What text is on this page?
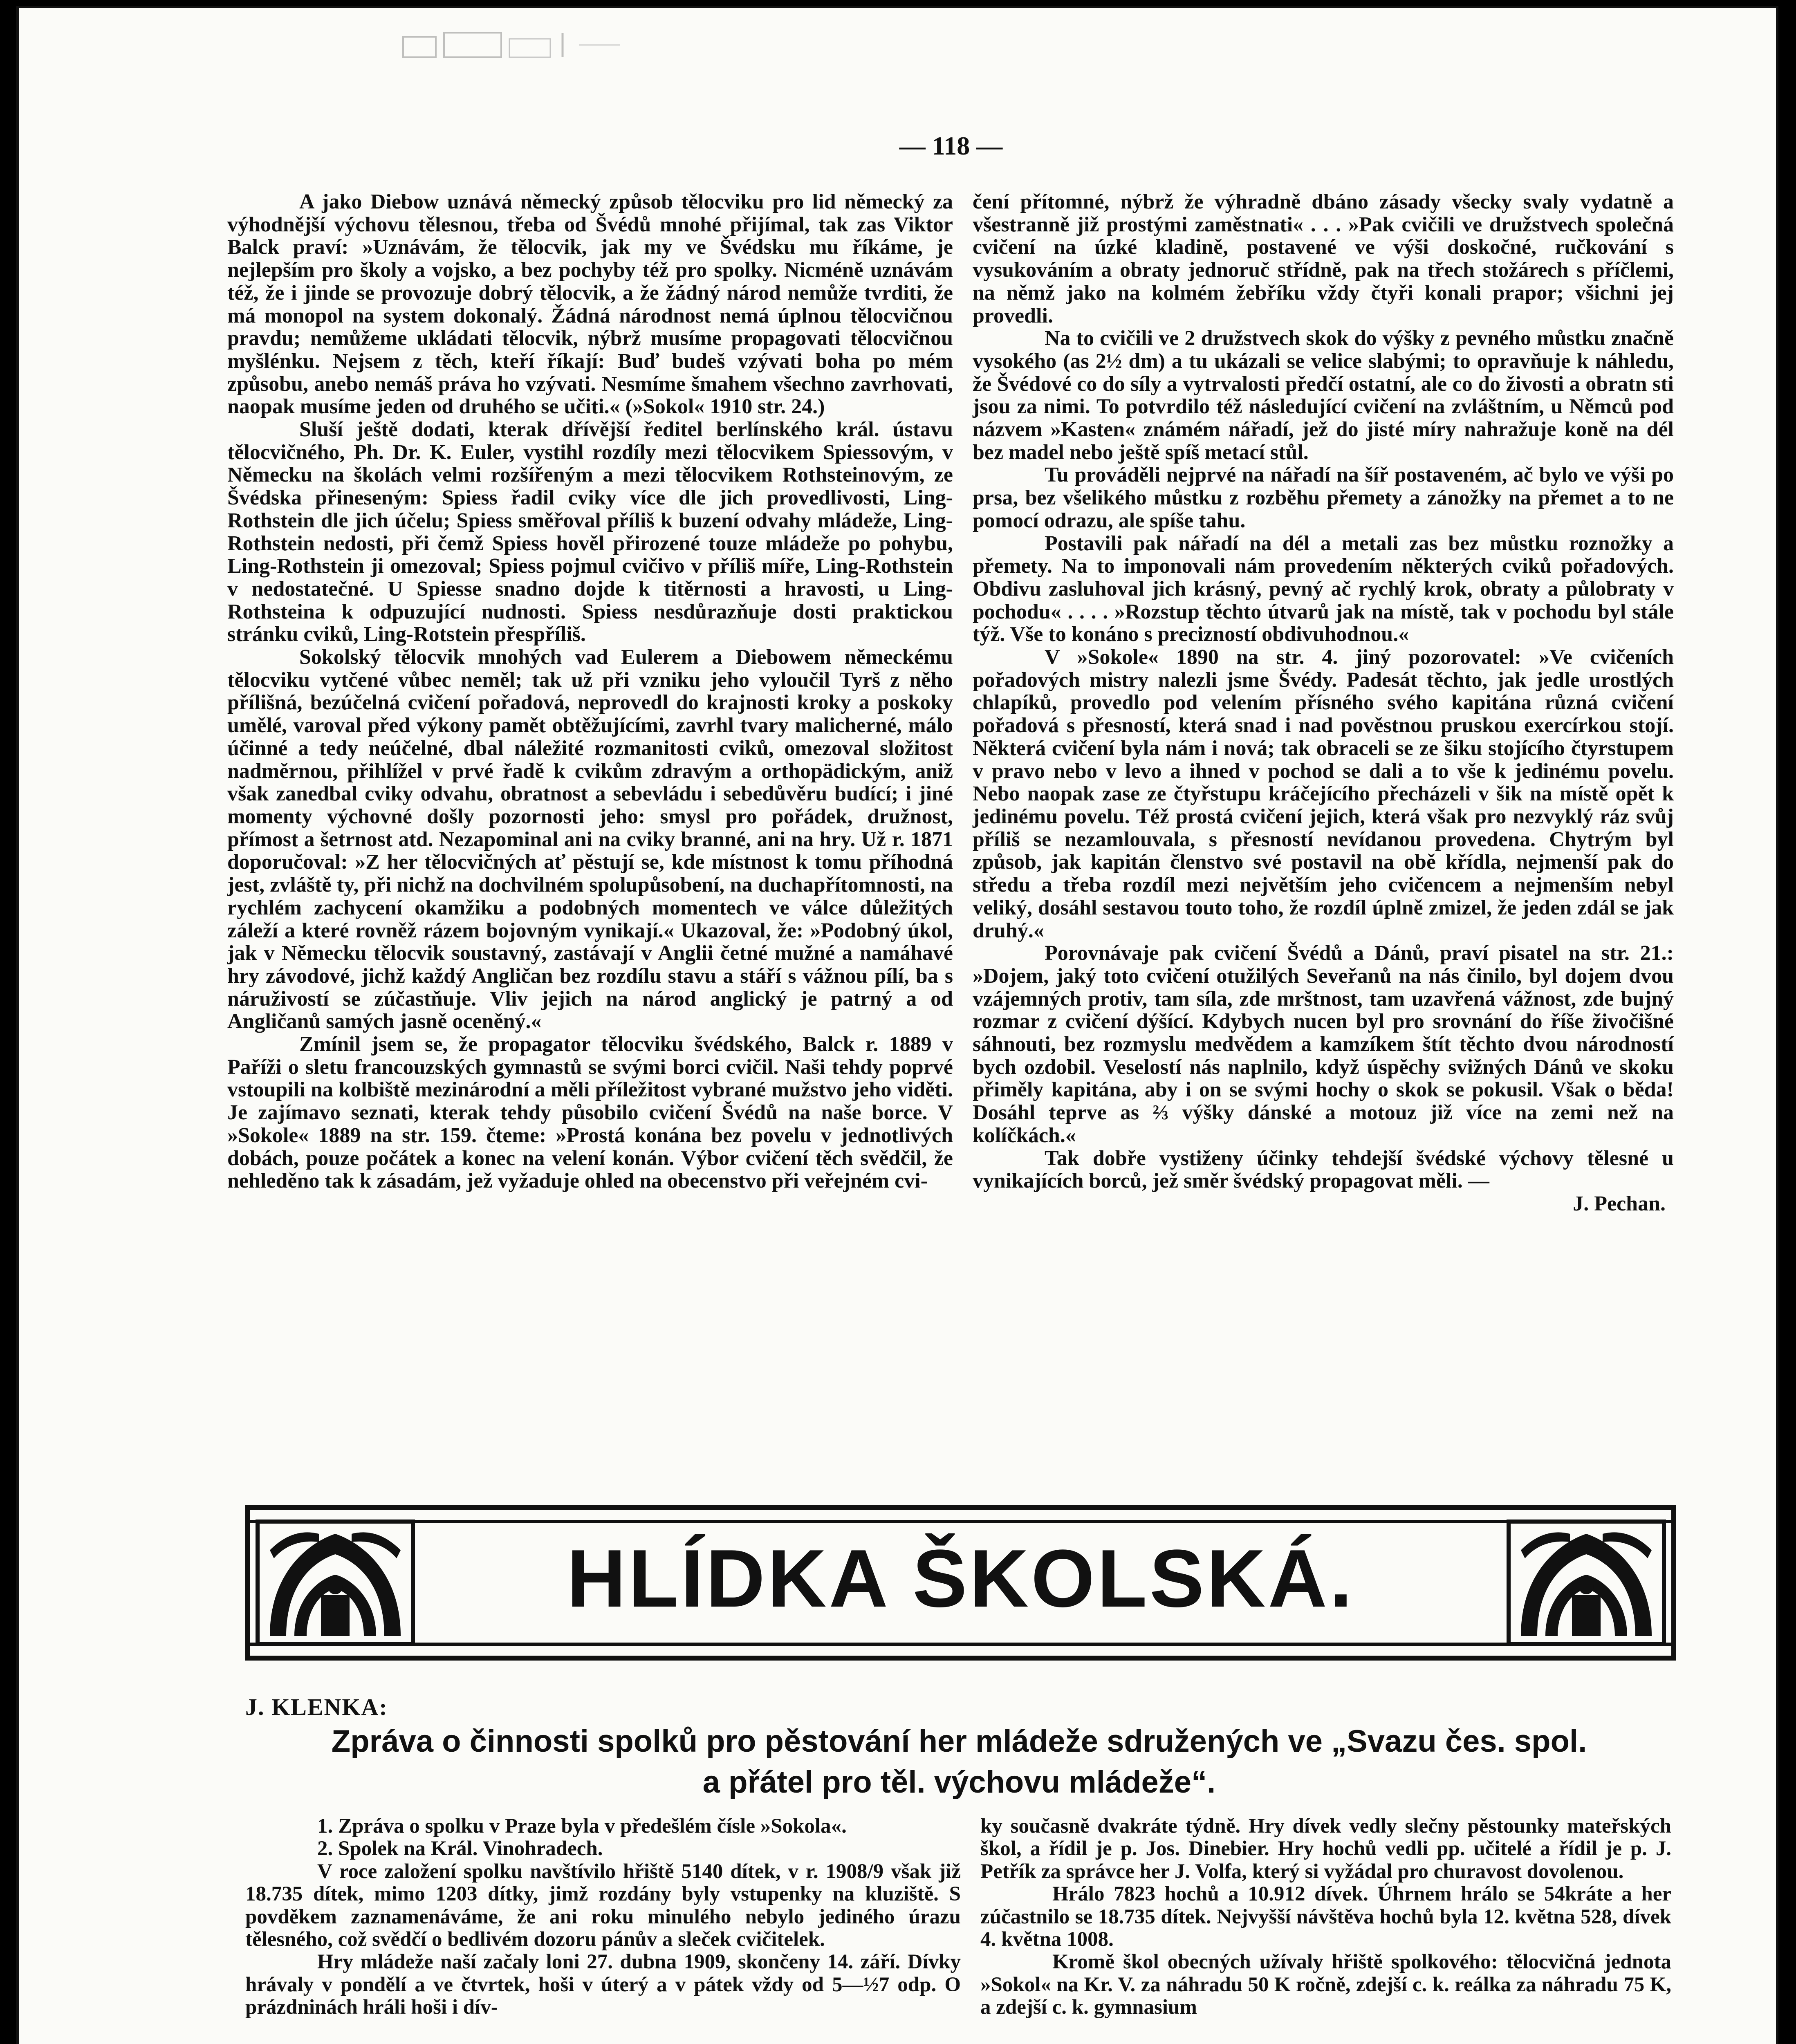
— 118 —

A jako Diebow uznává německý způsob tělocviku pro lid německý za výhodnější výchovu tělesnou, třeba od Švédů mnohé přijímal, tak zas Viktor Balck praví: »Uznávám, že tělocvik, jak my ve Švédsku mu říkáme, je nejlepším pro školy a vojsko, a bez pochyby též pro spolky. Nicméně uznávám též, že i jinde se provozuje dobrý tělocvik, a že žádný národ nemůže tvrditi, že má monopol na system dokonalý. Žádná národnost nemá úplnou tělocvičnou pravdu; nemůžeme ukládati tělocvik, nýbrž musíme propagovati tělocvičnou myšlénku. Nejsem z těch, kteří říkají: Buď budeš vzývati boha po mém způsobu, anebo nemáš práva ho vzývati. Nesmíme šmahem všechno zavrhovati, naopak musíme jeden od druhého se učiti.« (»Sokol« 1910 str. 24.)

Sluší ještě dodati, kterak dřívější ředitel berlínského král. ústavu tělocvičného, Ph. Dr. K. Euler, vystihl rozdíly mezi tělocvikem Spiessovým, v Německu na školách velmi rozšířeným a mezi tělocvikem Rothsteinovým, ze Švédska přineseným: Spiess řadil cviky více dle jich provedlivosti, Ling-Rothstein dle jich účelu; Spiess směřoval příliš k buzení odvahy mládeže, Ling-Rothstein nedosti, při čemž Spiess hověl přirozené touze mládeže po pohybu, Ling-Rothstein ji omezoval; Spiess pojmul cvičivo v příliš míře, Ling-Rothstein v nedostatečné. U Spiesse snadno dojde k titěrnosti a hravosti, u Ling-Rothsteina k odpuzující nudnosti. Spiess nesdůrazňuje dosti praktickou stránku cviků, Ling-Rotstein přespříliš.

Sokolský tělocvik mnohých vad Eulerem a Diebowem německému tělocviku vytčené vůbec neměl; tak už při vzniku jeho vyloučil Tyrš z něho přílišná, bezúčelná cvičení pořadová, neprovedl do krajnosti kroky a poskoky umělé, varoval před výkony pamět obtěžujícími, zavrhl tvary malicherné, málo účinné a tedy neúčelné, dbal náležité rozmanitosti cviků, omezoval složitost nadměrnou, přihlížel v prvé řadě k cvikům zdravým a orthopädickým, aniž však zanedbal cviky odvahu, obratnost a sebevládu i sebedůvěru budící; i jiné momenty výchovné došly pozornosti jeho: smysl pro pořádek, družnost, přímost a šetrnost atd. Nezapominal ani na cviky branné, ani na hry. Už r. 1871 doporučoval: »Z her tělocvičných ať pěstují se, kde místnost k tomu příhodná jest, zvláště ty, při nichž na dochvilném spolupůsobení, na duchapřítomnosti, na rychlém zachycení okamžiku a podobných momentech ve válce důležitých záleží a které rovněž rázem bojovným vynikají.« Ukazoval, že: »Podobný úkol, jak v Německu tělocvik soustavný, zastávají v Anglii četné mužné a namáhavé hry závodové, jichž každý Angličan bez rozdílu stavu a stáří s vážnou pílí, ba s náruživostí se zúčastňuje. Vliv jejich na národ anglický je patrný a od Angličanů samých jasně oceněný.«

Zmínil jsem se, že propagator tělocviku švédského, Balck r. 1889 v Paříži o sletu francouzských gymnastů se svými borci cvičil. Naši tehdy poprvé vstoupili na kolbiště mezinárodní a měli příležitost vybrané mužstvo jeho viděti. Je zajímavo seznati, kterak tehdy působilo cvičení Švédů na naše borce. V »Sokole« 1889 na str. 159. čteme: »Prostá konána bez povelu v jednotlivých dobách, pouze počátek a konec na velení konán. Výbor cvičení těch svědčil, že nehleděno tak k zásadám, jež vyžaduje ohled na obecenstvo při veřejném cvi-

čení přítomné, nýbrž že výhradně dbáno zásady všecky svaly vydatně a všestranně již prostými zaměstnati« . . . »Pak cvičili ve družstvech společná cvičení na úzké kladině, postavené ve výši doskočné, ručkování s vysukováním a obraty jednoruč střídně, pak na třech stožárech s příčlemi, na němž jako na kolmém žebříku vždy čtyři konali prapor; všichni jej provedli.

Na to cvičili ve 2 družstvech skok do výšky z pevného můstku značně vysokého (as 2½ dm) a tu ukázali se velice slabými; to opravňuje k náhledu, že Švédové co do síly a vytrvalosti předčí ostatní, ale co do živosti a obratn sti jsou za nimi. To potvrdilo též následující cvičení na zvláštním, u Němců pod názvem »Kasten« známém nářadí, jež do jisté míry nahražuje koně na dél bez madel nebo ještě spíš metací stůl.

Tu prováděli nejprvé na nářadí na šíř postaveném, ač bylo ve výši po prsa, bez všelikého můstku z rozběhu přemety a zánožky na přemet a to ne pomocí odrazu, ale spíše tahu.

Postavili pak nářadí na dél a metali zas bez můstku roznožky a přemety. Na to imponovali nám provedením některých cviků pořadových. Obdivu zasluhoval jich krásný, pevný ač rychlý krok, obraty a půlobraty v pochodu« . . . . »Rozstup těchto útvarů jak na místě, tak v pochodu byl stále týž. Vše to konáno s precizností obdivuhodnou.«

V »Sokole« 1890 na str. 4. jiný pozorovatel: »Ve cvičeních pořadových mistry nalezli jsme Švédy. Padesát těchto, jak jedle urostlých chlapíků, provedlo pod velením přísného svého kapitána různá cvičení pořadová s přesností, která snad i nad pověstnou pruskou exercírkou stojí. Některá cvičení byla nám i nová; tak obraceli se ze šiku stojícího čtyrstupem v pravo nebo v levo a ihned v pochod se dali a to vše k jedinému povelu. Nebo naopak zase ze čtyřstupu kráčejícího přecházeli v šik na místě opět k jedinému povelu. Též prostá cvičení jejich, která však pro nezvyklý ráz svůj příliš se nezamlouvala, s přesností nevídanou provedena. Chytrým byl způsob, jak kapitán členstvo své postavil na obě křídla, nejmenší pak do středu a třeba rozdíl mezi největším jeho cvičencem a nejmenším nebyl veliký, dosáhl sestavou touto toho, že rozdíl úplně zmizel, že jeden zdál se jak druhý.«

Porovnávaje pak cvičení Švédů a Dánů, praví pisatel na str. 21.: »Dojem, jaký toto cvičení otužilých Seveřanů na nás činilo, byl dojem dvou vzájemných protiv, tam síla, zde mrštnost, tam uzavřená vážnost, zde bujný rozmar z cvičení dýšící. Kdybych nucen byl pro srovnání do říše živočišné sáhnouti, bez rozmyslu medvědem a kamzíkem štít těchto dvou národností bych ozdobil. Veselostí nás naplnilo, když úspěchy svižných Dánů ve skoku přiměly kapitána, aby i on se svými hochy o skok se pokusil. Však o běda! Dosáhl teprve as ⅔ výšky dánské a motouz již více na zemi než na kolíčkách.«

Tak dobře vystiženy účinky tehdejší švédské výchovy tělesné u vynikajících borců, jež směr švédský propagovat měli. —

J. Pechan.
HLÍDKA ŠKOLSKÁ.
J. KLENKA:
Zpráva o činnosti spolků pro pěstování her mládeže sdružených ve „Svazu čes. spol.
a přátel pro těl. výchovu mládeže“.

1. Zpráva o spolku v Praze byla v předešlém čísle »Sokola«.

2. Spolek na Král. Vinohradech.

V roce založení spolku navštívilo hřiště 5140 dítek, v r. 1908/9 však již 18.735 dítek, mimo 1203 dítky, jimž rozdány byly vstupenky na kluziště. S povděkem zaznamenáváme, že ani roku minulého nebylo jediného úrazu tělesného, což svědčí o bedlivém dozoru pánův a sleček cvičitelek.

Hry mládeže naší začaly loni 27. dubna 1909, skončeny 14. září. Dívky hrávaly v pondělí a ve čtvrtek, hoši v úterý a v pátek vždy od 5—½7 odp. O prázdninách hráli hoši i dív-

ky současně dvakráte týdně. Hry dívek vedly slečny pěstounky mateřských škol, a řídil je p. Jos. Dinebier. Hry hochů vedli pp. učitelé a řídil je p. J. Petřík za správce her J. Volfa, který si vyžádal pro churavost dovolenou.

Hrálo 7823 hochů a 10.912 dívek. Úhrnem hrálo se 54kráte a her zúčastnilo se 18.735 dítek. Nejvyšší návštěva hochů byla 12. května 528, dívek 4. května 1008.

Kromě škol obecných užívaly hřiště spolkového: tělocvičná jednota »Sokol« na Kr. V. za náhradu 50 K ročně, zdejší c. k. reálka za náhradu 75 K, a zdejší c. k. gymnasium
